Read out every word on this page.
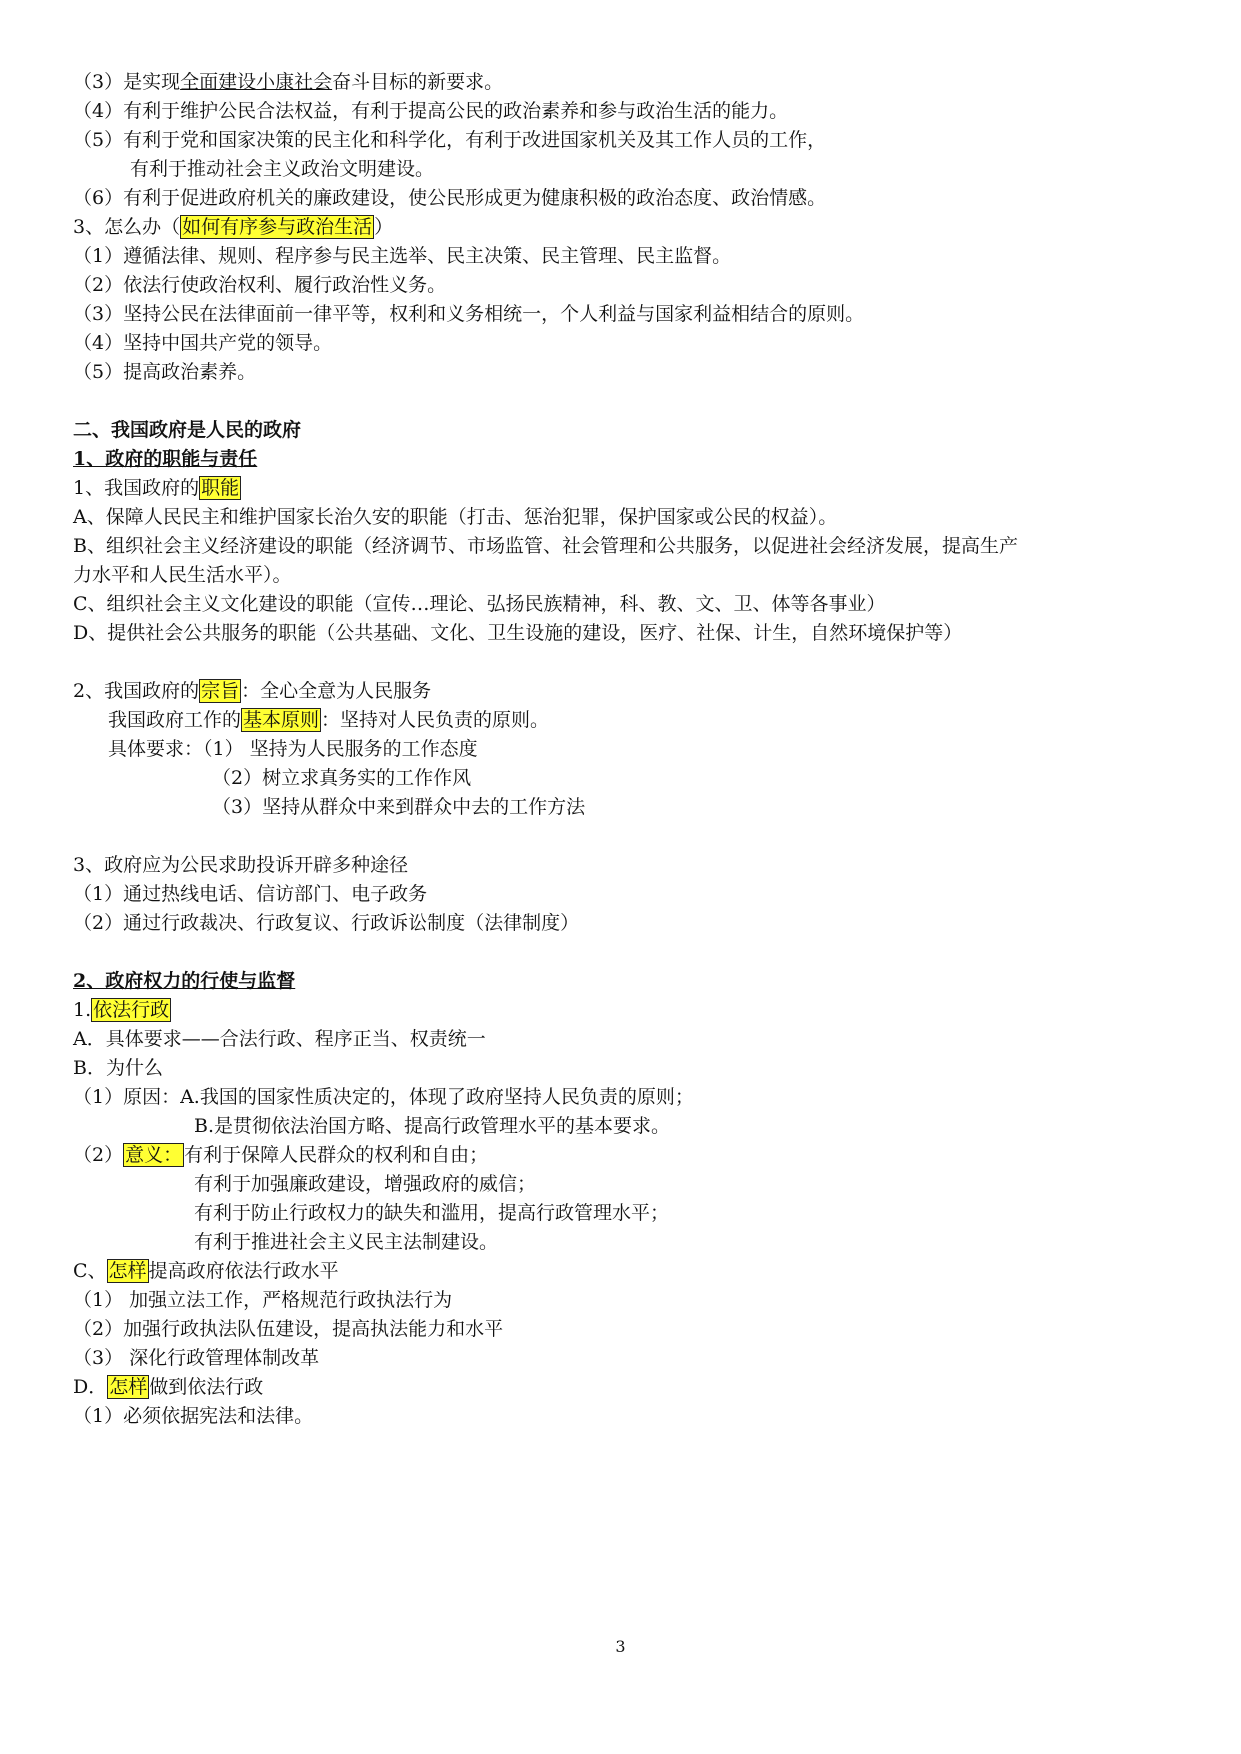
（3）是实现全面建设小康社会奋斗目标的新要求。
（4）有利于维护公民合法权益，有利于提高公民的政治素养和参与政治生活的能力。
（5）有利于党和国家决策的民主化和科学化，有利于改进国家机关及其工作人员的工作，
有利于推动社会主义政治文明建设。
（6）有利于促进政府机关的廉政建设，使公民形成更为健康积极的政治态度、政治情感。
3、怎么办（ 如何有序参与政治生活 ）
（1）遵循法律、规则、程序参与民主选举、民主决策、民主管理、民主监督。
（2）依法行使政治权利、履行政治性义务。
（3）坚持公民在法律面前一律平等，权利和义务相统一，个人利益与国家利益相结合的原则。
（4）坚持中国共产党的领导。
（5）提高政治素养。
二、我国政府是人民的政府
1、政府的职能与责任
1、我国政府的 职能
A、保障人民民主和维护国家长治久安的职能（打击、惩治犯罪，保护国家或公民的权益）。
B、组织社会主义经济建设的职能（经济调节、市场监管、社会管理和公共服务，以促进社会经济发展，提高生产
力水平和人民生活水平）。
C、组织社会主义文化建设的职能（宣传…理论、弘扬民族精神，科、教、文、卫、体等各事业）
D、提供社会公共服务的职能（公共基础、文化、卫生设施的建设，医疗、社保、计生，自然环境保护等）
2、我国政府的 宗旨 ：全心全意为人民服务
我国政府工作的 基本原则 ：坚持对人民负责的原则。
具体要求：（1） 坚持为人民服务的工作态度
（2）树立求真务实的工作作风
（3）坚持从群众中来到群众中去的工作方法
3、政府应为公民求助投诉开辟多种途径
（1）通过热线电话、信访部门、电子政务
（2）通过行政裁决、行政复议、行政诉讼制度（法律制度）
2、政府权力的行使与监督
1. 依法行政
A．具体要求——合法行政、程序正当、权责统一
B．为什么
（1）原因：A.我国的国家性质决定的，体现了政府坚持人民负责的原则；
B.是贯彻依法治国方略、提高行政管理水平的基本要求。
（2） 意义： 有利于保障人民群众的权利和自由；
有利于加强廉政建设，增强政府的威信；
有利于防止行政权力的缺失和滥用，提高行政管理水平；
有利于推进社会主义民主法制建设。
C、 怎样 提高政府依法行政水平
（1） 加强立法工作，严格规范行政执法行为
（2）加强行政执法队伍建设，提高执法能力和水平
（3） 深化行政管理体制改革
D． 怎样 做到依法行政
（1）必须依据宪法和法律。
3
